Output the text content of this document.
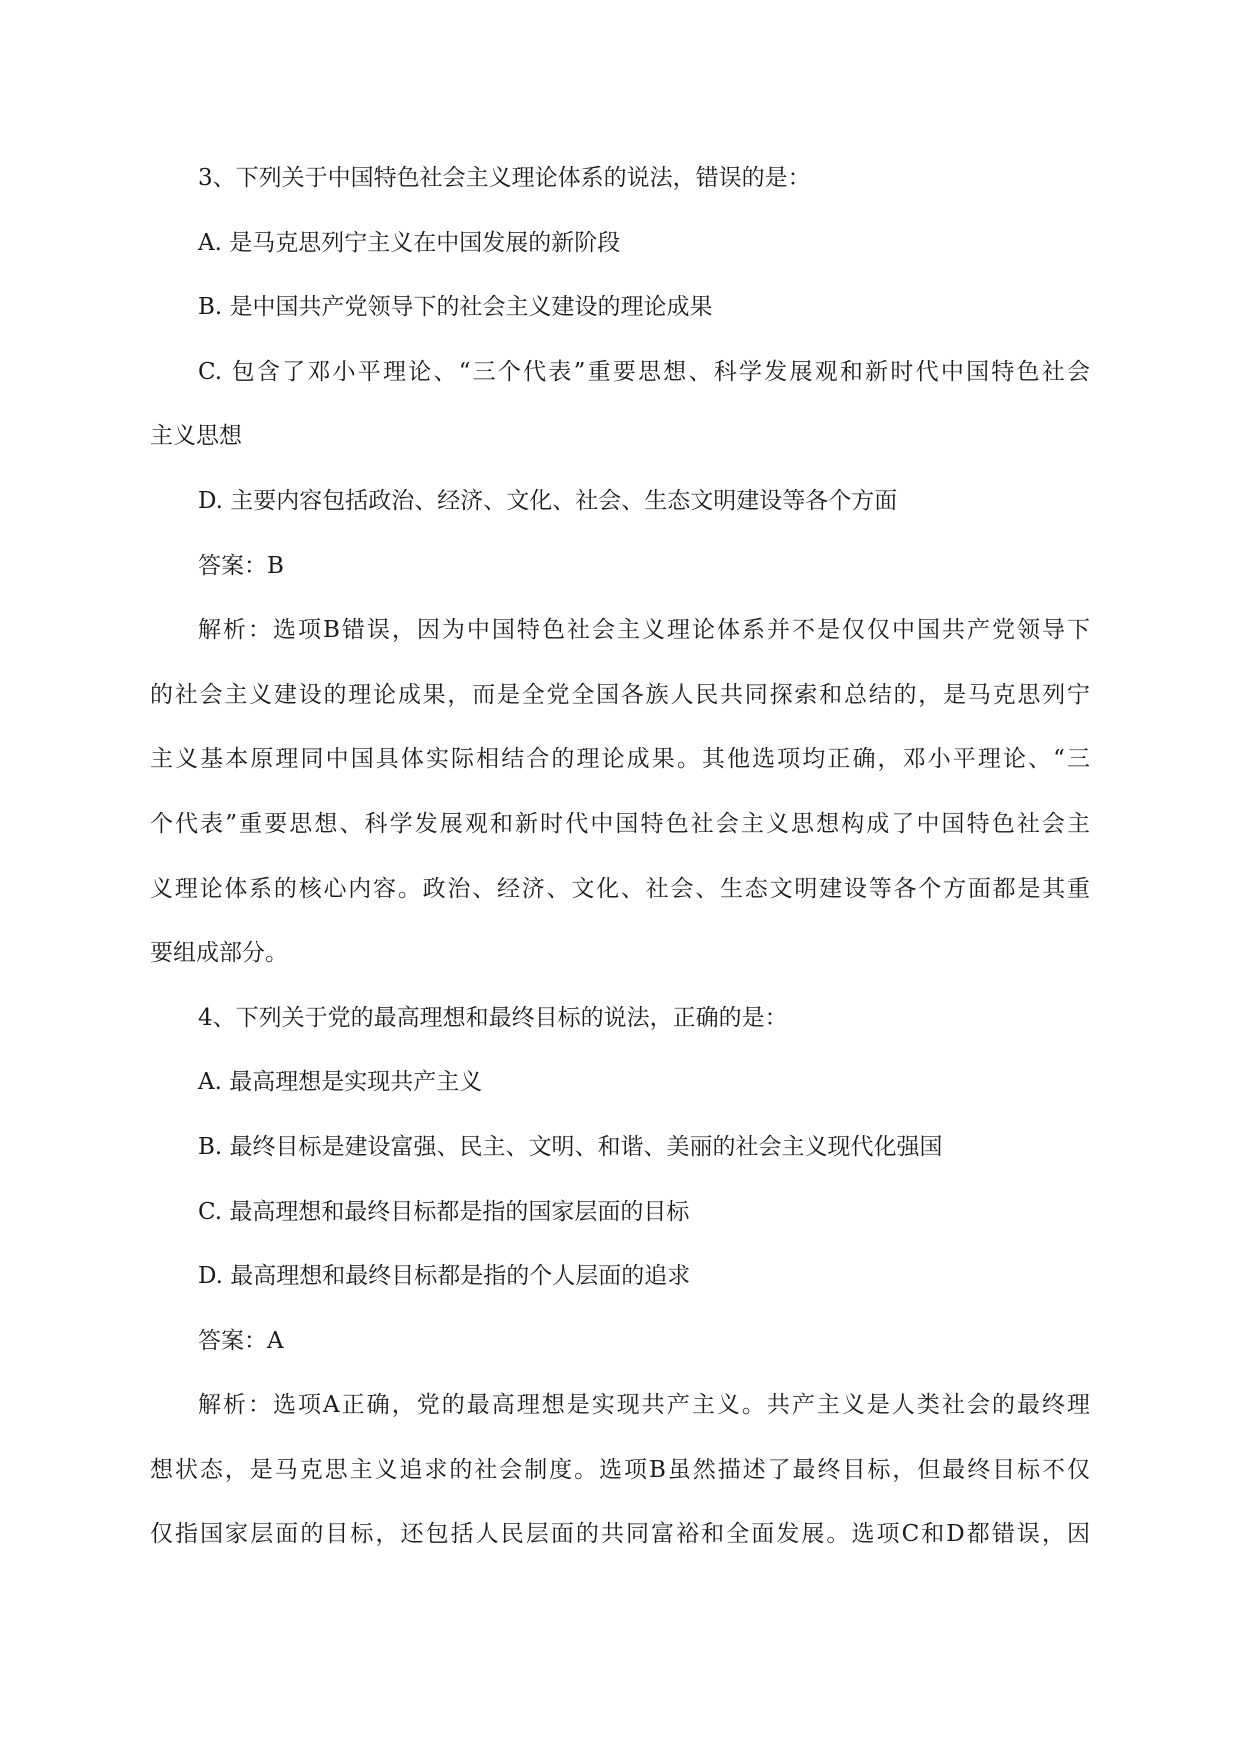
3、下列关于中国特色社会主义理论体系的说法，错误的是：
A. 是马克思列宁主义在中国发展的新阶段
B. 是中国共产党领导下的社会主义建设的理论成果
C. 包含了邓小平理论、“三个代表”重要思想、科学发展观和新时代中国特色社会
主义思想
D. 主要内容包括政治、经济、文化、社会、生态文明建设等各个方面
答案：B
解析：选项B错误，因为中国特色社会主义理论体系并不是仅仅中国共产党领导下
的社会主义建设的理论成果，而是全党全国各族人民共同探索和总结的，是马克思列宁
主义基本原理同中国具体实际相结合的理论成果。其他选项均正确，邓小平理论、“三
个代表”重要思想、科学发展观和新时代中国特色社会主义思想构成了中国特色社会主
义理论体系的核心内容。政治、经济、文化、社会、生态文明建设等各个方面都是其重
要组成部分。
4、下列关于党的最高理想和最终目标的说法，正确的是：
A. 最高理想是实现共产主义
B. 最终目标是建设富强、民主、文明、和谐、美丽的社会主义现代化强国
C. 最高理想和最终目标都是指的国家层面的目标
D. 最高理想和最终目标都是指的个人层面的追求
答案：A
解析：选项A正确，党的最高理想是实现共产主义。共产主义是人类社会的最终理
想状态，是马克思主义追求的社会制度。选项B虽然描述了最终目标，但最终目标不仅
仅指国家层面的目标，还包括人民层面的共同富裕和全面发展。选项C和D都错误，因
